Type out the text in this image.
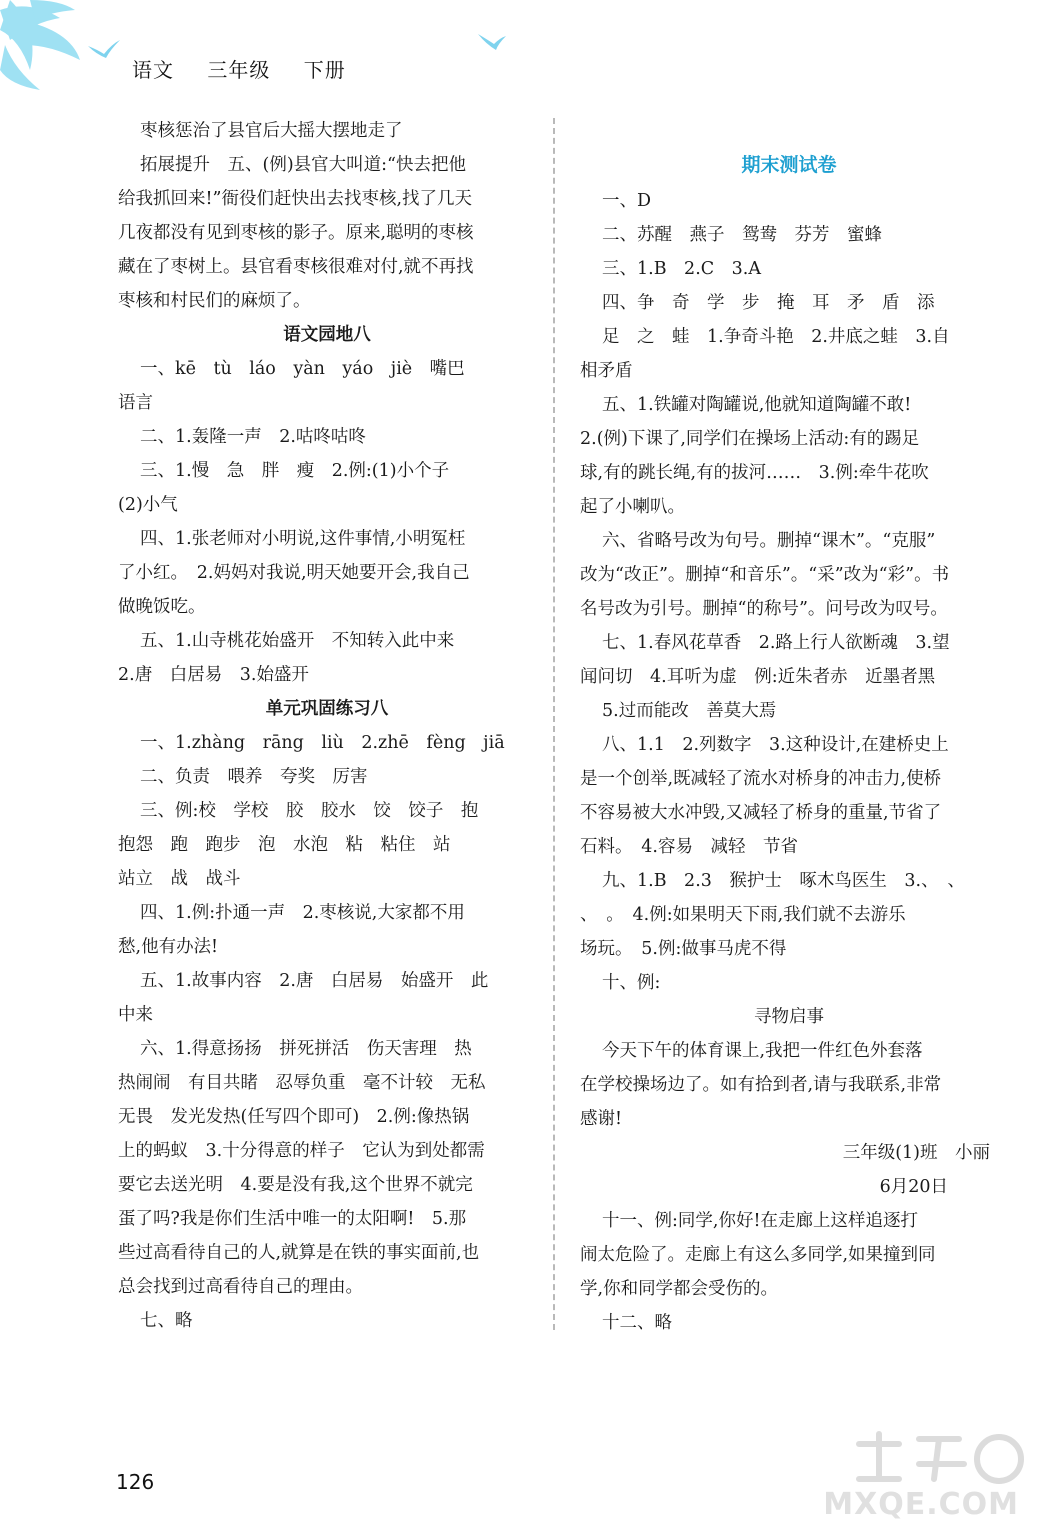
语文 三年级 下册

枣核惩治了县官后大摇大摆地走了

拓展提升　五、(例)县官大叫道:“快去把他

给我抓回来!”衙役们赶快出去找枣核,找了几天

几夜都没有见到枣核的影子。原来,聪明的枣核

藏在了枣树上。县官看枣核很难对付,就不再找

枣核和村民们的麻烦了。

语文园地八

一、kē　tù　láo　yàn　yáo　jiè　嘴巴

语言

二、1.轰隆一声　2.咕咚咕咚

三、1.慢　急　胖　瘦　2.例:(1)小个子

(2)小气

四、1.张老师对小明说,这件事情,小明冤枉

了小红。　2.妈妈对我说,明天她要开会,我自己

做晚饭吃。

五、1.山寺桃花始盛开　不知转入此中来

2.唐　白居易　3.始盛开

单元巩固练习八

一、1.zhàng　rāng　liù　2.zhē　fèng　jiā

二、负责　喂养　夸奖　厉害

三、例:校　学校　胶　胶水　饺　饺子　抱

抱怨　跑　跑步　泡　水泡　粘　粘住　站

站立　战　战斗

四、1.例:扑通一声　2.枣核说,大家都不用

愁,他有办法!

五、1.故事内容　2.唐　白居易　始盛开　此

中来

六、1.得意扬扬　拼死拼活　伤天害理　热

热闹闹　有目共睹　忍辱负重　毫不计较　无私

无畏　发光发热(任写四个即可)　2.例:像热锅

上的蚂蚁　3.十分得意的样子　它认为到处都需

要它去送光明　4.要是没有我,这个世界不就完

蛋了吗?我是你们生活中唯一的太阳啊!　5.那

些过高看待自己的人,就算是在铁的事实面前,也

总会找到过高看待自己的理由。

七、略

期末测试卷

一、D

二、苏醒　燕子　鸳鸯　芬芳　蜜蜂

三、1.B　2.C　3.A

四、争　奇　学　步　掩　耳　矛　盾　添

足　之　蛙　1.争奇斗艳　2.井底之蛙　3.自

相矛盾

五、1.铁罐对陶罐说,他就知道陶罐不敢!

2.(例)下课了,同学们在操场上活动:有的踢足

球,有的跳长绳,有的拔河……　3.例:牵牛花吹

起了小喇叭。

六、省略号改为句号。删掉“课木”。“克服”

改为“改正”。删掉“和音乐”。“采”改为“彩”。书

名号改为引号。删掉“的称号”。问号改为叹号。

七、1.春风花草香　2.路上行人欲断魂　3.望

闻问切　4.耳听为虚　例:近朱者赤　近墨者黑

5.过而能改　善莫大焉

八、1.1　2.列数字　3.这种设计,在建桥史上

是一个创举,既减轻了流水对桥身的冲击力,使桥

不容易被大水冲毁,又减轻了桥身的重量,节省了

石料。　4.容易　减轻　节省

九、1.B　2.3　猴护士　啄木鸟医生　3.、　、

、　。　4.例:如果明天下雨,我们就不去游乐

场玩。　5.例:做事马虎不得

十、例:

寻物启事

今天下午的体育课上,我把一件红色外套落

在学校操场边了。如有拾到者,请与我联系,非常

感谢!

三年级(1)班　小丽

6月20日

十一、例:同学,你好!在走廊上这样追逐打

闹太危险了。走廊上有这么多同学,如果撞到同

学,你和同学都会受伤的。

十二、略

126
MXQE.COM
